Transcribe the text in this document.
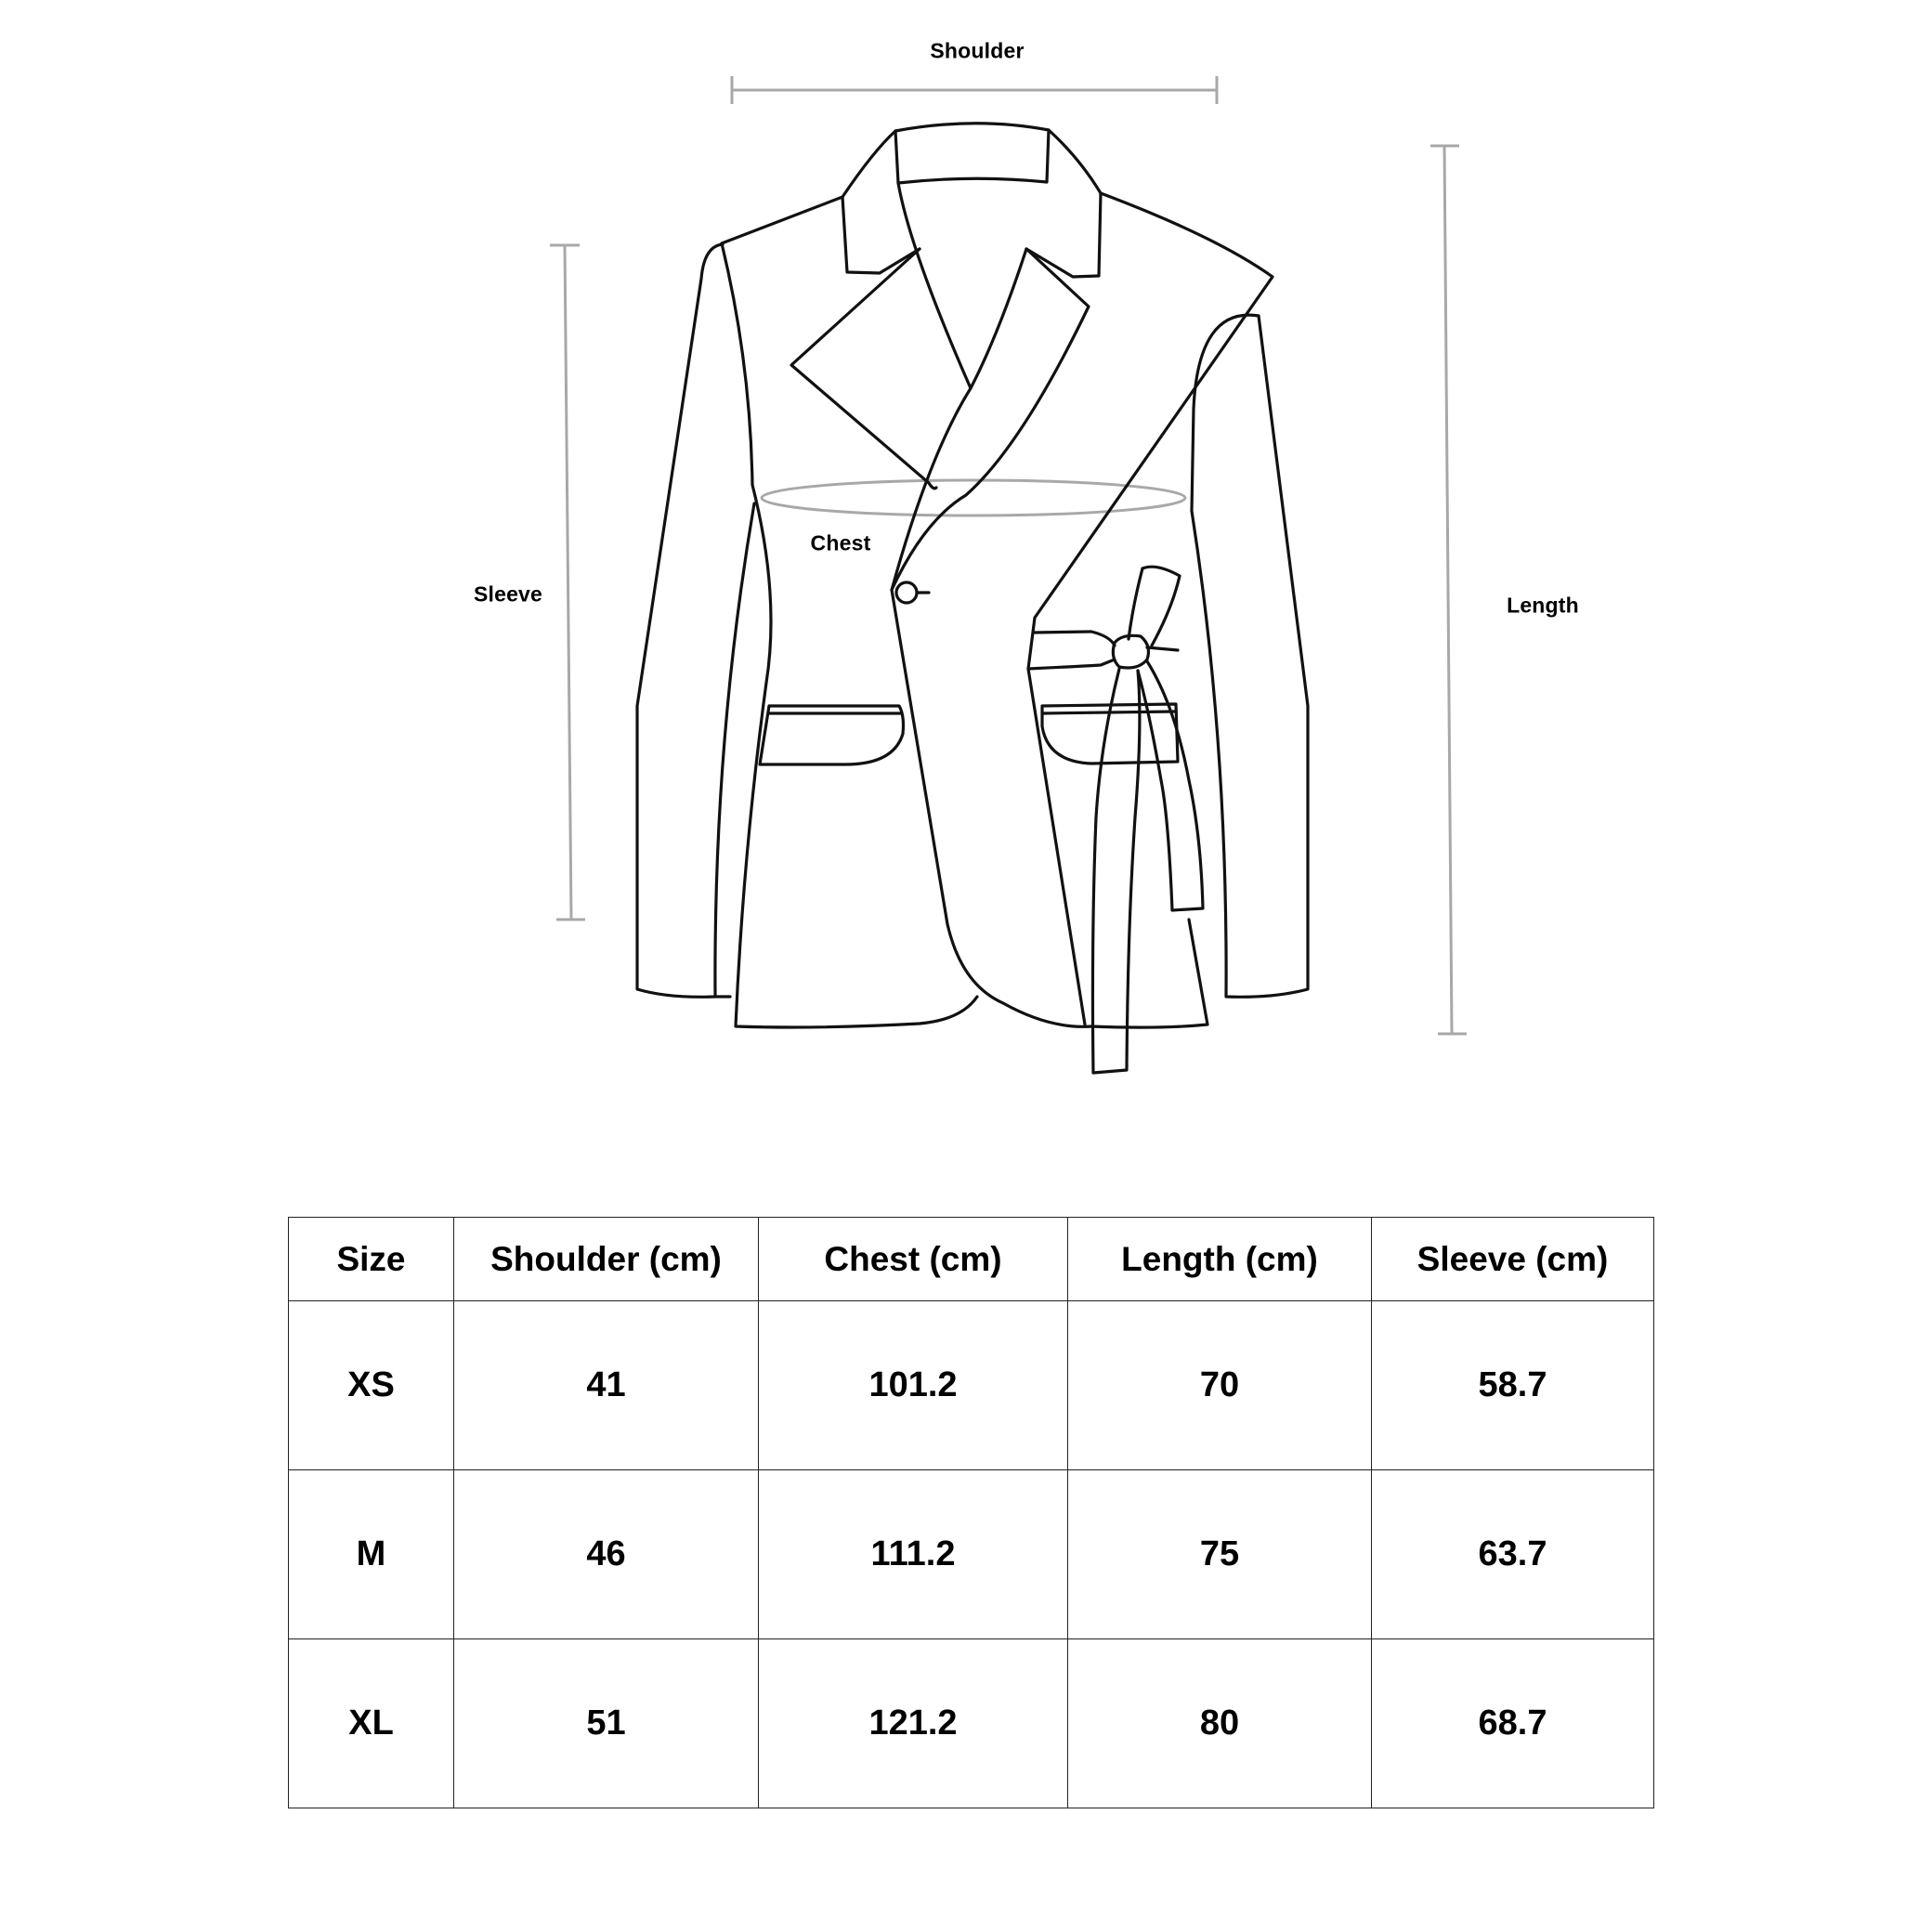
Shoulder
Chest
Sleeve	Length
Size	Shoulder (cm)	Chest (cm)	Length (cm)	Sleeve (cm)
XS	41	101.2	70	58.7
M	46	111.2	75	63.7
XL	51	121.2	80	68.7
